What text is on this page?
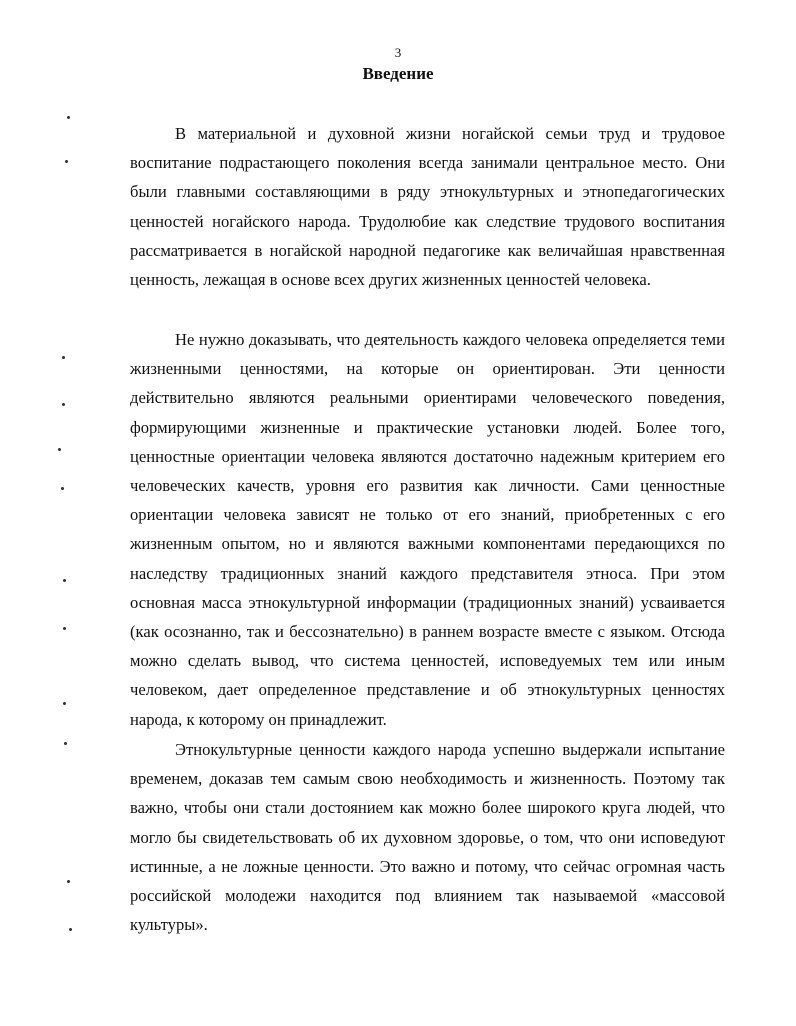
3
Введение

В материальной и духовной жизни ногайской семьи труд и трудовое воспитание подрастающего поколения всегда занимали центральное место. Они были главными составляющими в ряду этнокультурных и этнопедагогических ценностей ногайского народа. Трудолюбие как следствие трудового воспитания рассматривается в ногайской народной педагогике как величайшая нравственная ценность, лежащая в основе всех других жизненных ценностей человека.

Не нужно доказывать, что деятельность каждого человека определяется теми жизненными ценностями, на которые он ориентирован. Эти ценности действительно являются реальными ориентирами человеческого поведения, формирующими жизненные и практические установки людей. Более того, ценностные ориентации человека являются достаточно надежным критерием его человеческих качеств, уровня его развития как личности. Сами ценностные ориентации человека зависят не только от его знаний, приобретенных с его жизненным опытом, но и являются важными компонентами передающихся по наследству традиционных знаний каждого представителя этноса. При этом основная масса этнокультурной информации (традиционных знаний) усваивается (как осознанно, так и бессознательно) в раннем возрасте вместе с языком. Отсюда можно сделать вывод, что система ценностей, исповедуемых тем или иным человеком, дает определенное представление и об этнокультурных ценностях народа, к которому он принадлежит.

Этнокультурные ценности каждого народа успешно выдержали испытание временем, доказав тем самым свою необходимость и жизненность. Поэтому так важно, чтобы они стали достоянием как можно более широкого круга людей, что могло бы свидетельствовать об их духовном здоровье, о том, что они исповедуют истинные, а не ложные ценности. Это важно и потому, что сейчас огромная часть российской молодежи находится под влиянием так называемой «массовой культуры».
